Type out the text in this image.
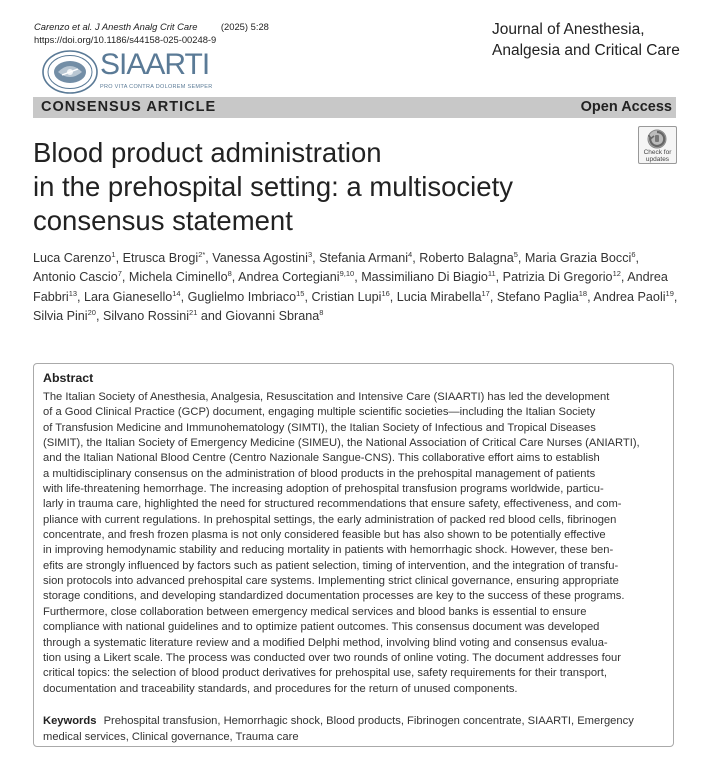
Carenzo et al. J Anesth Analg Crit Care (2025) 5:28
https://doi.org/10.1186/s44158-025-00248-9
Journal of Anesthesia,
Analgesia and Critical Care
SIAARTI
PRO VITA CONTRA DOLOREM SEMPER
CONSENSUS ARTICLE	Open Access
Blood product administration
in the prehospital setting: a multisociety
consensus statement
Check for
updates
Luca Carenzo$^1$, Etrusca Brogi$^{2*}$, Vanessa Agostini$^3$, Stefania Armani$^4$, Roberto Balagna$^5$, Maria Grazia Bocci$^6$, Antonio Cascio$^7$, Michela Ciminello$^8$, Andrea Cortegiani$^{9,10}$, Massimiliano Di Biagio$^{11}$, Patrizia Di Gregorio$^{12}$, Andrea Fabbri$^{13}$, Lara Gianesello$^{14}$, Guglielmo Imbriaco$^{15}$, Cristian Lupi$^{16}$, Lucia Mirabella$^{17}$, Stefano Paglia$^{18}$, Andrea Paoli$^{19}$, Silvia Pini$^{20}$, Silvano Rossini$^{21}$ and Giovanni Sbrana$^8$
Abstract
The Italian Society of Anesthesia, Analgesia, Resuscitation and Intensive Care (SIAARTI) has led the development
of a Good Clinical Practice (GCP) document, engaging multiple scientific societies—including the Italian Society
of Transfusion Medicine and Immunohematology (SIMTI), the Italian Society of Infectious and Tropical Diseases
(SIMIT), the Italian Society of Emergency Medicine (SIMEU), the National Association of Critical Care Nurses (ANIARTI),
and the Italian National Blood Centre (Centro Nazionale Sangue-CNS). This collaborative effort aims to establish
a multidisciplinary consensus on the administration of blood products in the prehospital management of patients
with life-threatening hemorrhage. The increasing adoption of prehospital transfusion programs worldwide, particu-
larly in trauma care, highlighted the need for structured recommendations that ensure safety, effectiveness, and com-
pliance with current regulations. In prehospital settings, the early administration of packed red blood cells, fibrinogen
concentrate, and fresh frozen plasma is not only considered feasible but has also shown to be potentially effective
in improving hemodynamic stability and reducing mortality in patients with hemorrhagic shock. However, these ben-
efits are strongly influenced by factors such as patient selection, timing of intervention, and the integration of transfu-
sion protocols into advanced prehospital care systems. Implementing strict clinical governance, ensuring appropriate
storage conditions, and developing standardized documentation processes are key to the success of these programs.
Furthermore, close collaboration between emergency medical services and blood banks is essential to ensure
compliance with national guidelines and to optimize patient outcomes. This consensus document was developed
through a systematic literature review and a modified Delphi method, involving blind voting and consensus evalua-
tion using a Likert scale. The process was conducted over two rounds of online voting. The document addresses four
critical topics: the selection of blood product derivatives for prehospital use, safety requirements for their transport,
documentation and traceability standards, and procedures for the return of unused components.
Keywords Prehospital transfusion, Hemorrhagic shock, Blood products, Fibrinogen concentrate, SIAARTI, Emergency medical services, Clinical governance, Trauma care
